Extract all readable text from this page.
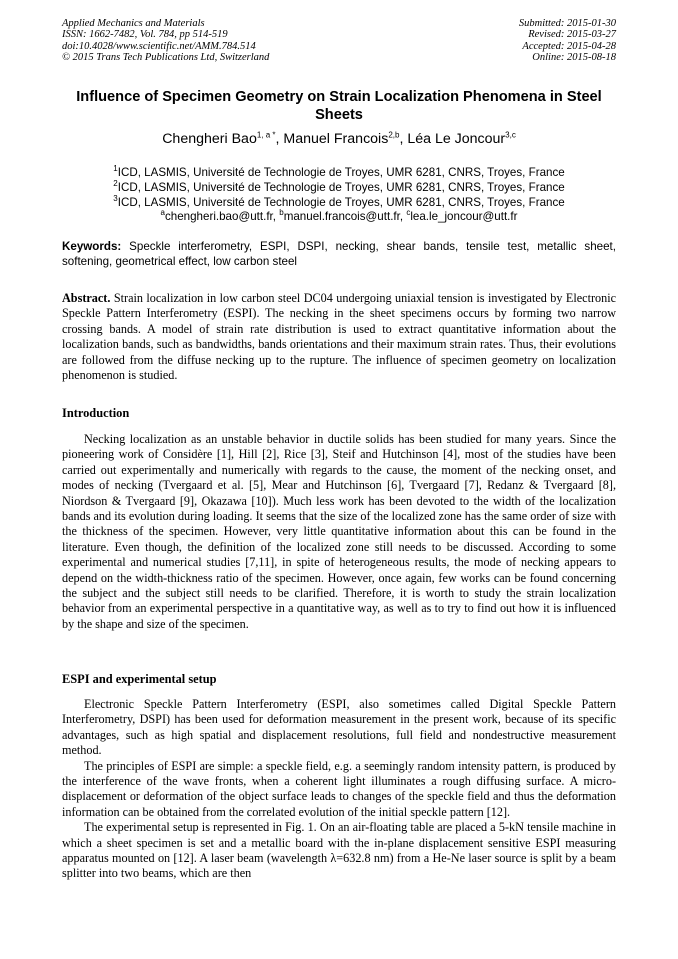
Applied Mechanics and Materials
ISSN: 1662-7482, Vol. 784, pp 514-519
doi:10.4028/www.scientific.net/AMM.784.514
© 2015 Trans Tech Publications Ltd, Switzerland
Submitted: 2015-01-30
Revised: 2015-03-27
Accepted: 2015-04-28
Online: 2015-08-18
Influence of Specimen Geometry on Strain Localization Phenomena in Steel Sheets
Chengheri Bao$^{1, a *}$, Manuel Francois$^{2,b}$, Léa Le Joncour$^{3,c}$
$^1$ICD, LASMIS, Université de Technologie de Troyes, UMR 6281, CNRS, Troyes, France
$^2$ICD, LASMIS, Université de Technologie de Troyes, UMR 6281, CNRS, Troyes, France
$^3$ICD, LASMIS, Université de Technologie de Troyes, UMR 6281, CNRS, Troyes, France
$^a$chengheri.bao@utt.fr, $^b$manuel.francois@utt.fr, $^c$lea.le_joncour@utt.fr
Keywords: Speckle interferometry, ESPI, DSPI, necking, shear bands, tensile test, metallic sheet, softening, geometrical effect, low carbon steel
Abstract. Strain localization in low carbon steel DC04 undergoing uniaxial tension is investigated by Electronic Speckle Pattern Interferometry (ESPI). The necking in the sheet specimens occurs by forming two narrow crossing bands. A model of strain rate distribution is used to extract quantitative information about the localization bands, such as bandwidths, bands orientations and their maximum strain rates. Thus, their evolutions are followed from the diffuse necking up to the rupture. The influence of specimen geometry on localization phenomenon is studied.
Introduction

Necking localization as an unstable behavior in ductile solids has been studied for many years. Since the pioneering work of Considère [1], Hill [2], Rice [3], Steif and Hutchinson [4], most of the studies have been carried out experimentally and numerically with regards to the cause, the moment of the necking onset, and modes of necking (Tvergaard et al. [5], Mear and Hutchinson [6], Tvergaard [7], Redanz & Tvergaard [8], Niordson & Tvergaard [9], Okazawa [10]). Much less work has been devoted to the width of the localization bands and its evolution during loading. It seems that the size of the localized zone has the same order of size with the thickness of the specimen. However, very little quantitative information about this can be found in the literature. Even though, the definition of the localized zone still needs to be discussed. According to some experimental and numerical studies [7,11], in spite of heterogeneous results, the mode of necking appears to depend on the width-thickness ratio of the specimen. However, once again, few works can be found concerning the subject and the subject still needs to be clarified. Therefore, it is worth to study the strain localization behavior from an experimental perspective in a quantitative way, as well as to try to find out how it is influenced by the shape and size of the specimen.

ESPI and experimental setup

Electronic Speckle Pattern Interferometry (ESPI, also sometimes called Digital Speckle Pattern Interferometry, DSPI) has been used for deformation measurement in the present work, because of its specific advantages, such as high spatial and displacement resolutions, full field and nondestructive measurement method.

The principles of ESPI are simple: a speckle field, e.g. a seemingly random intensity pattern, is produced by the interference of the wave fronts, when a coherent light illuminates a rough diffusing surface. A micro-displacement or deformation of the object surface leads to changes of the speckle field and thus the deformation information can be obtained from the correlated evolution of the initial speckle pattern [12].

The experimental setup is represented in Fig. 1. On an air-floating table are placed a 5-kN tensile machine in which a sheet specimen is set and a metallic board with the in-plane displacement sensitive ESPI measuring apparatus mounted on [12]. A laser beam (wavelength λ=632.8 nm) from a He-Ne laser source is split by a beam splitter into two beams, which are then
